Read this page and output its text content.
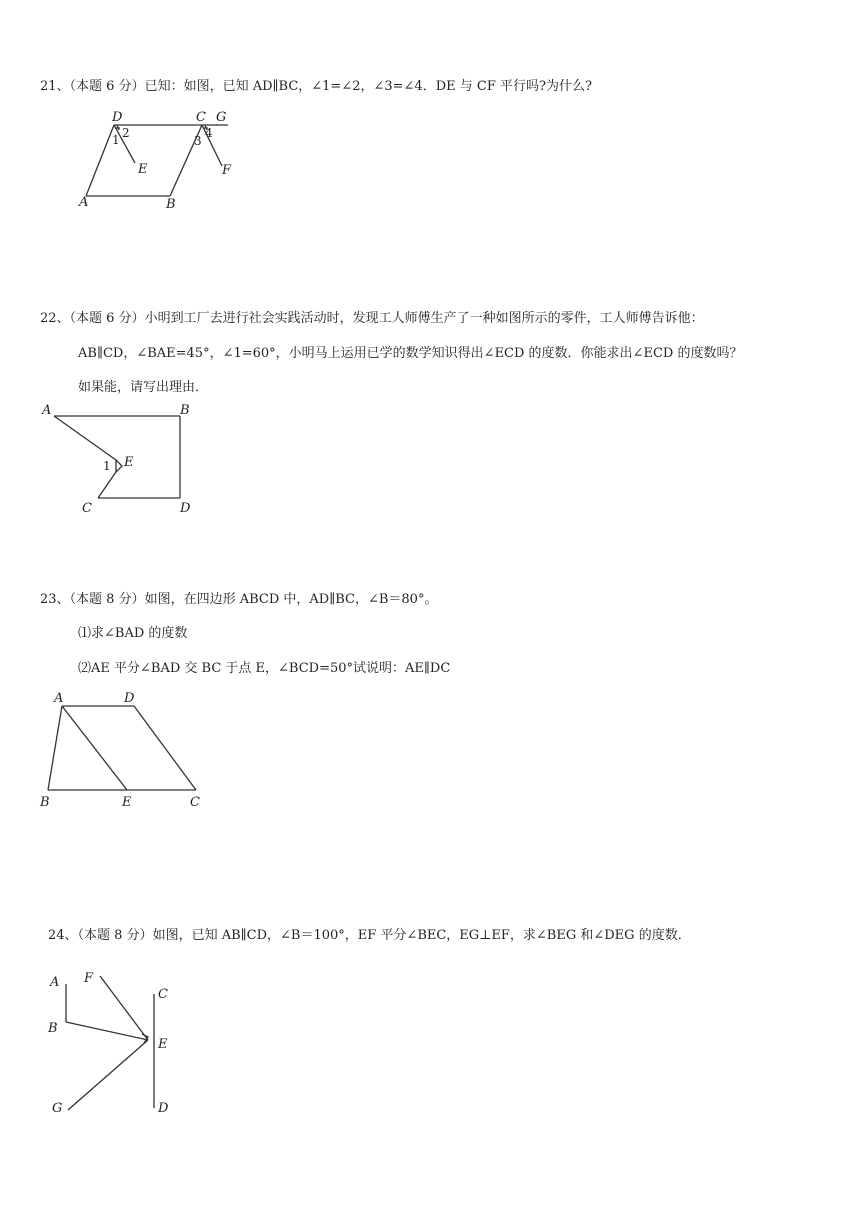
21、（本题 6 分）已知：如图，已知 AD∥BC，∠1=∠2，∠3=∠4．DE 与 CF 平行吗?为什么?
D	C G
A	B
E	F
1 2
3
4
22、（本题 6 分）小明到工厂去进行社会实践活动时，发现工人师傅生产了一种如图所示的零件，工人师傅告诉他：
AB∥CD，∠BAE=45°，∠1=60°，小明马上运用已学的数学知识得出∠ECD 的度数．你能求出∠ECD 的度数吗？
如果能，请写出理由．
A	B
C	D
E
1
23、（本题 8 分）如图，在四边形 ABCD 中，AD∥BC，∠B＝80°。
⑴求∠BAD 的度数
⑵AE 平分∠BAD 交 BC 于点 E，∠BCD=50°试说明：AE∥DC
A	D
B	E	C
24、（本题 8 分）如图，已知 AB∥CD，∠B＝100°，EF 平分∠BEC，EG⊥EF，求∠BEG 和∠DEG 的度数．
A F
C
B
E
G	D
